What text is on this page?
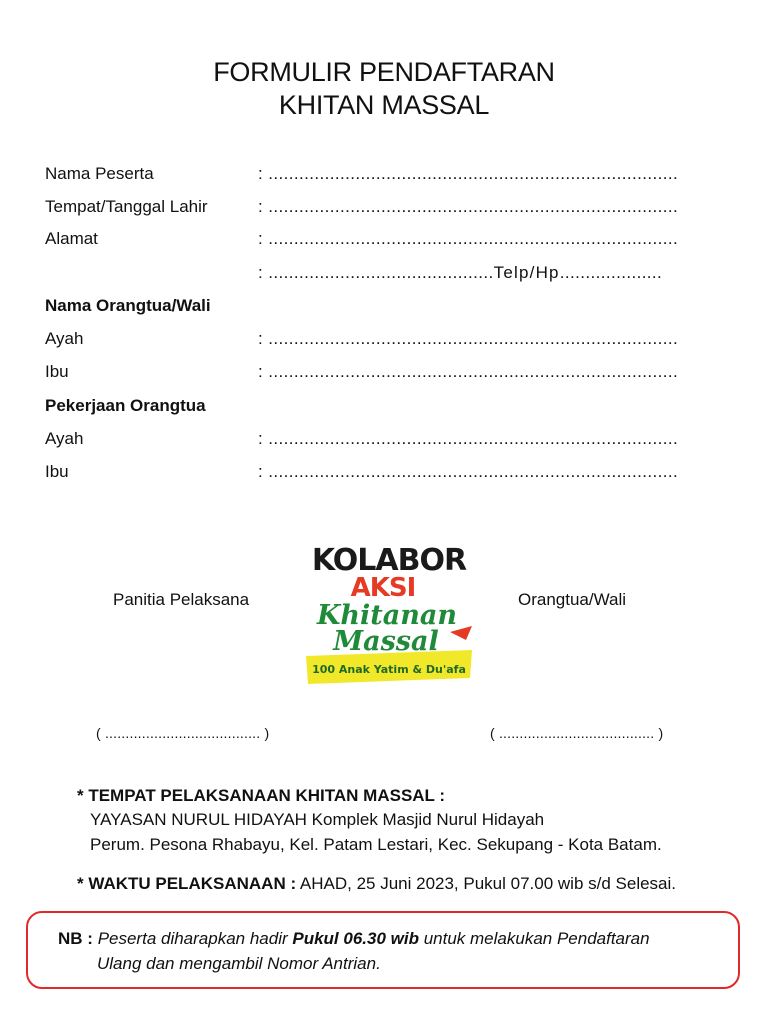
FORMULIR PENDAFTARAN
KHITAN MASSAL
Nama Peserta	: ................................................................................
Tempat/Tanggal Lahir	: ................................................................................
Alamat	: ................................................................................
: ............................................Telp/Hp....................
Nama Orangtua/Wali
Ayah	: ................................................................................
Ibu	: ................................................................................
Pekerjaan Orangtua
Ayah	: ................................................................................
Ibu	: ................................................................................
Panitia Pelaksana	Orangtua/Wali
KOLABOR
AKSI
Khitanan
Massal
100 Anak Yatim & Du'afa
( ...................................... )	( ...................................... )
* TEMPAT PELAKSANAAN KHITAN MASSAL :
YAYASAN NURUL HIDAYAH Komplek Masjid Nurul Hidayah
Perum. Pesona Rhabayu, Kel. Patam Lestari, Kec. Sekupang - Kota Batam.
* WAKTU PELAKSANAAN : AHAD, 25 Juni 2023, Pukul 07.00 wib s/d Selesai.
NB : Peserta diharapkan hadir Pukul 06.30 wib untuk melakukan Pendaftaran
Ulang dan mengambil Nomor Antrian.
